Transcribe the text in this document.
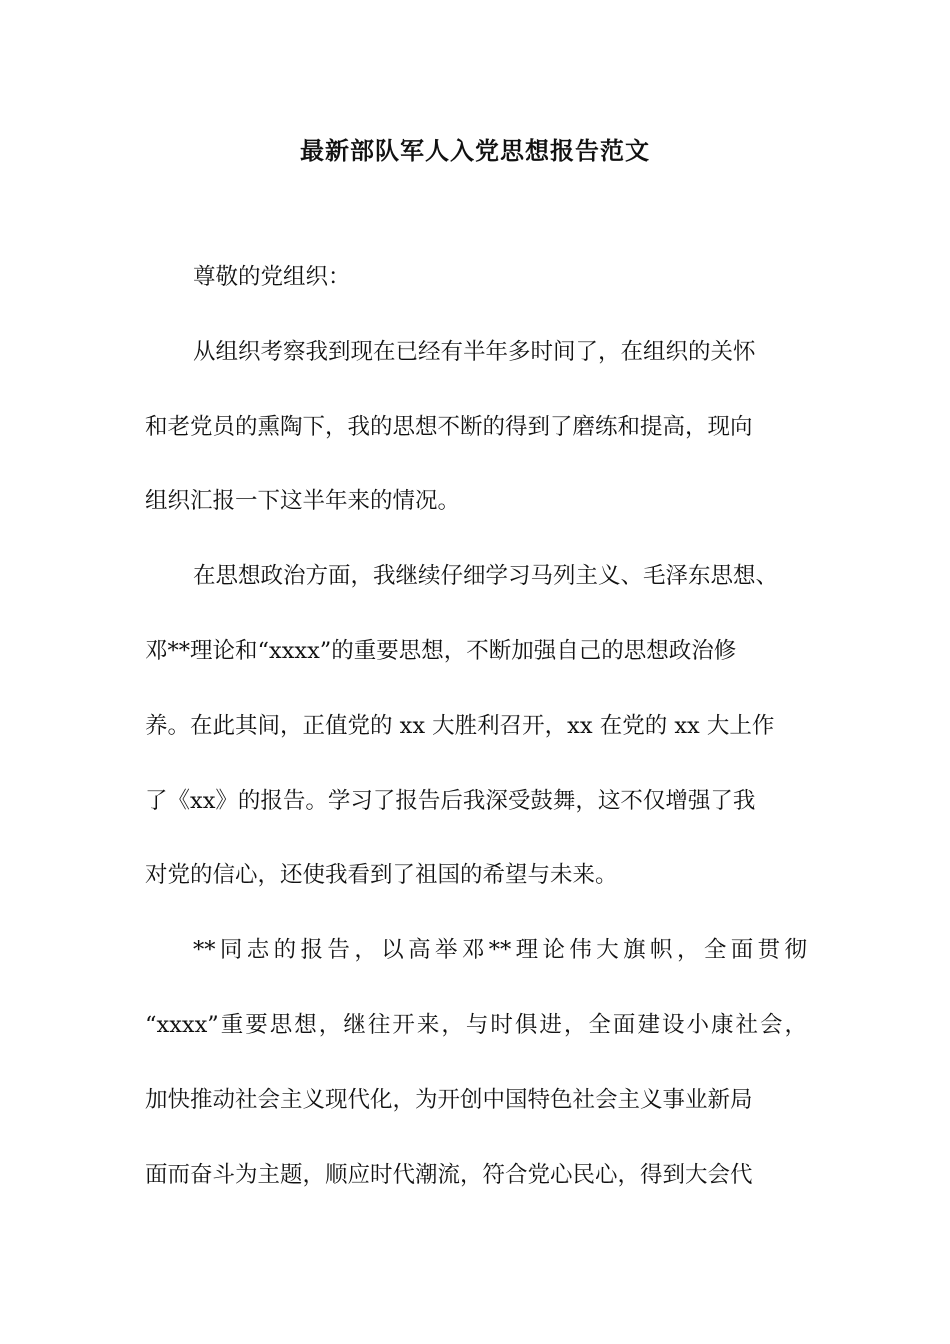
最新部队军人入党思想报告范文
尊敬的党组织：
从组织考察我到现在已经有半年多时间了，在组织的关怀
和老党员的熏陶下，我的思想不断的得到了磨练和提高，现向
组织汇报一下这半年来的情况。
在思想政治方面，我继续仔细学习马列主义、毛泽东思想、
邓**理论和“xxxx”的重要思想，不断加强自己的思想政治修
养。在此其间，正值党的 xx 大胜利召开，xx 在党的 xx 大上作
了《xx》的报告。学习了报告后我深受鼓舞，这不仅增强了我
对党的信心，还使我看到了祖国的希望与未来。
**同志的报告，以高举邓**理论伟大旗帜，全面贯彻
“xxxx”重要思想，继往开来，与时俱进，全面建设小康社会，
加快推动社会主义现代化，为开创中国特色社会主义事业新局
面而奋斗为主题，顺应时代潮流，符合党心民心，得到大会代
